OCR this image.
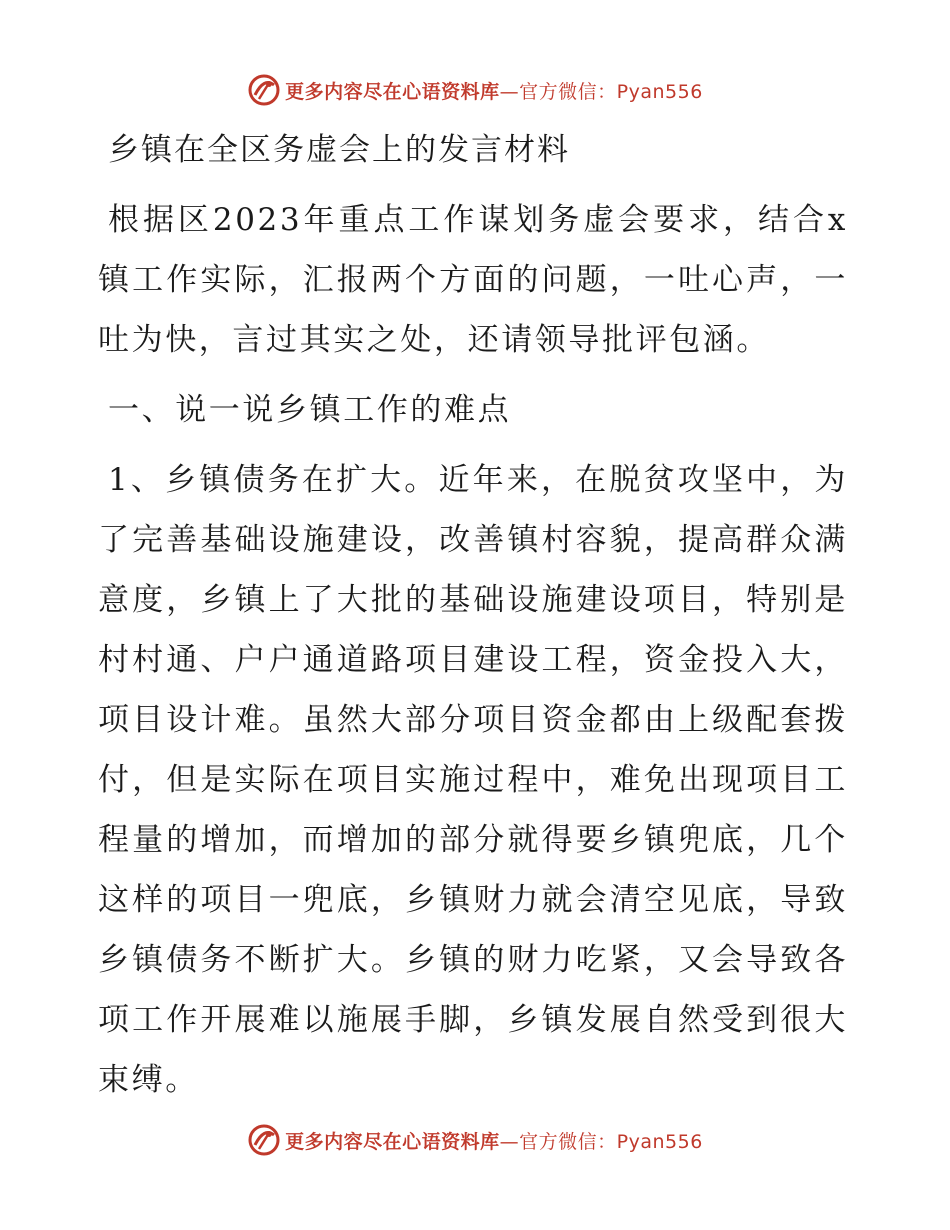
更多内容尽在心语资料库—官方微信：Pyan556
乡镇在全区务虚会上的发言材料

根据区2023年重点工作谋划务虚会要求，结合x镇工作实际，汇报两个方面的问题，一吐心声，一吐为快，言过其实之处，还请领导批评包涵。

一、说一说乡镇工作的难点

1、乡镇债务在扩大。近年来，在脱贫攻坚中，为了完善基础设施建设，改善镇村容貌，提高群众满意度，乡镇上了大批的基础设施建设项目，特别是村村通、户户通道路项目建设工程，资金投入大，项目设计难。虽然大部分项目资金都由上级配套拨付，但是实际在项目实施过程中，难免出现项目工程量的增加，而增加的部分就得要乡镇兜底，几个这样的项目一兜底，乡镇财力就会清空见底，导致乡镇债务不断扩大。乡镇的财力吃紧，又会导致各项工作开展难以施展手脚，乡镇发展自然受到很大束缚。

更多内容尽在心语资料库—官方微信：Pyan556
